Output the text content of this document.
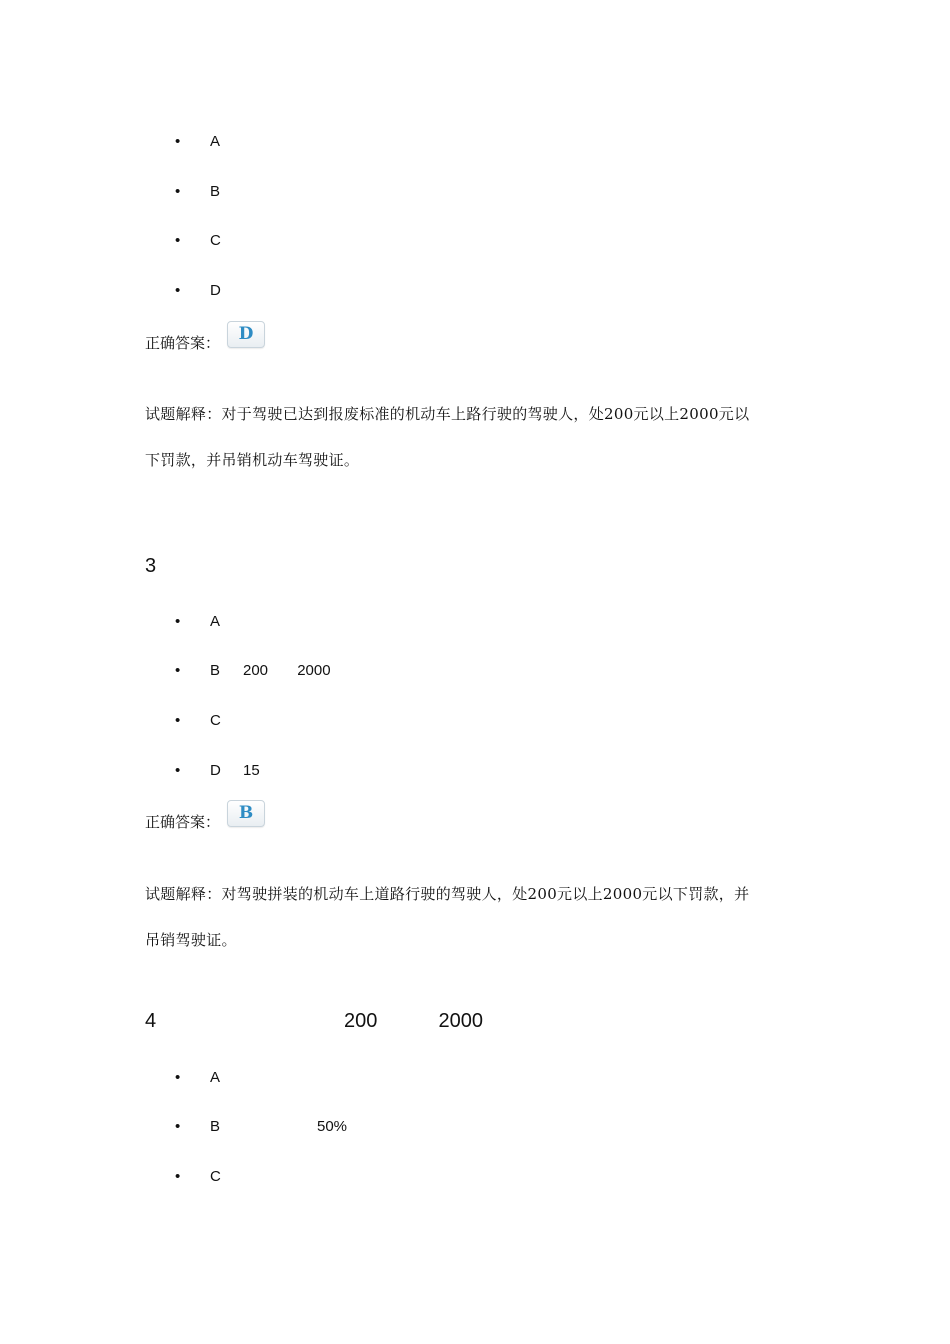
• A
• B
• C
• D
正确答案：	D
试题解释：对于驾驶已达到报废标准的机动车上路行驶的驾驶人，处200元以上2000元以
下罚款，并吊销机动车驾驶证。
3
• A
• B 200       2000
• C
• D 15
正确答案：	B
试题解释：对驾驶拼装的机动车上道路行驶的驾驶人，处200元以上2000元以下罚款，并
吊销驾驶证。
4	200           2000
• A
• B	50%
• C
